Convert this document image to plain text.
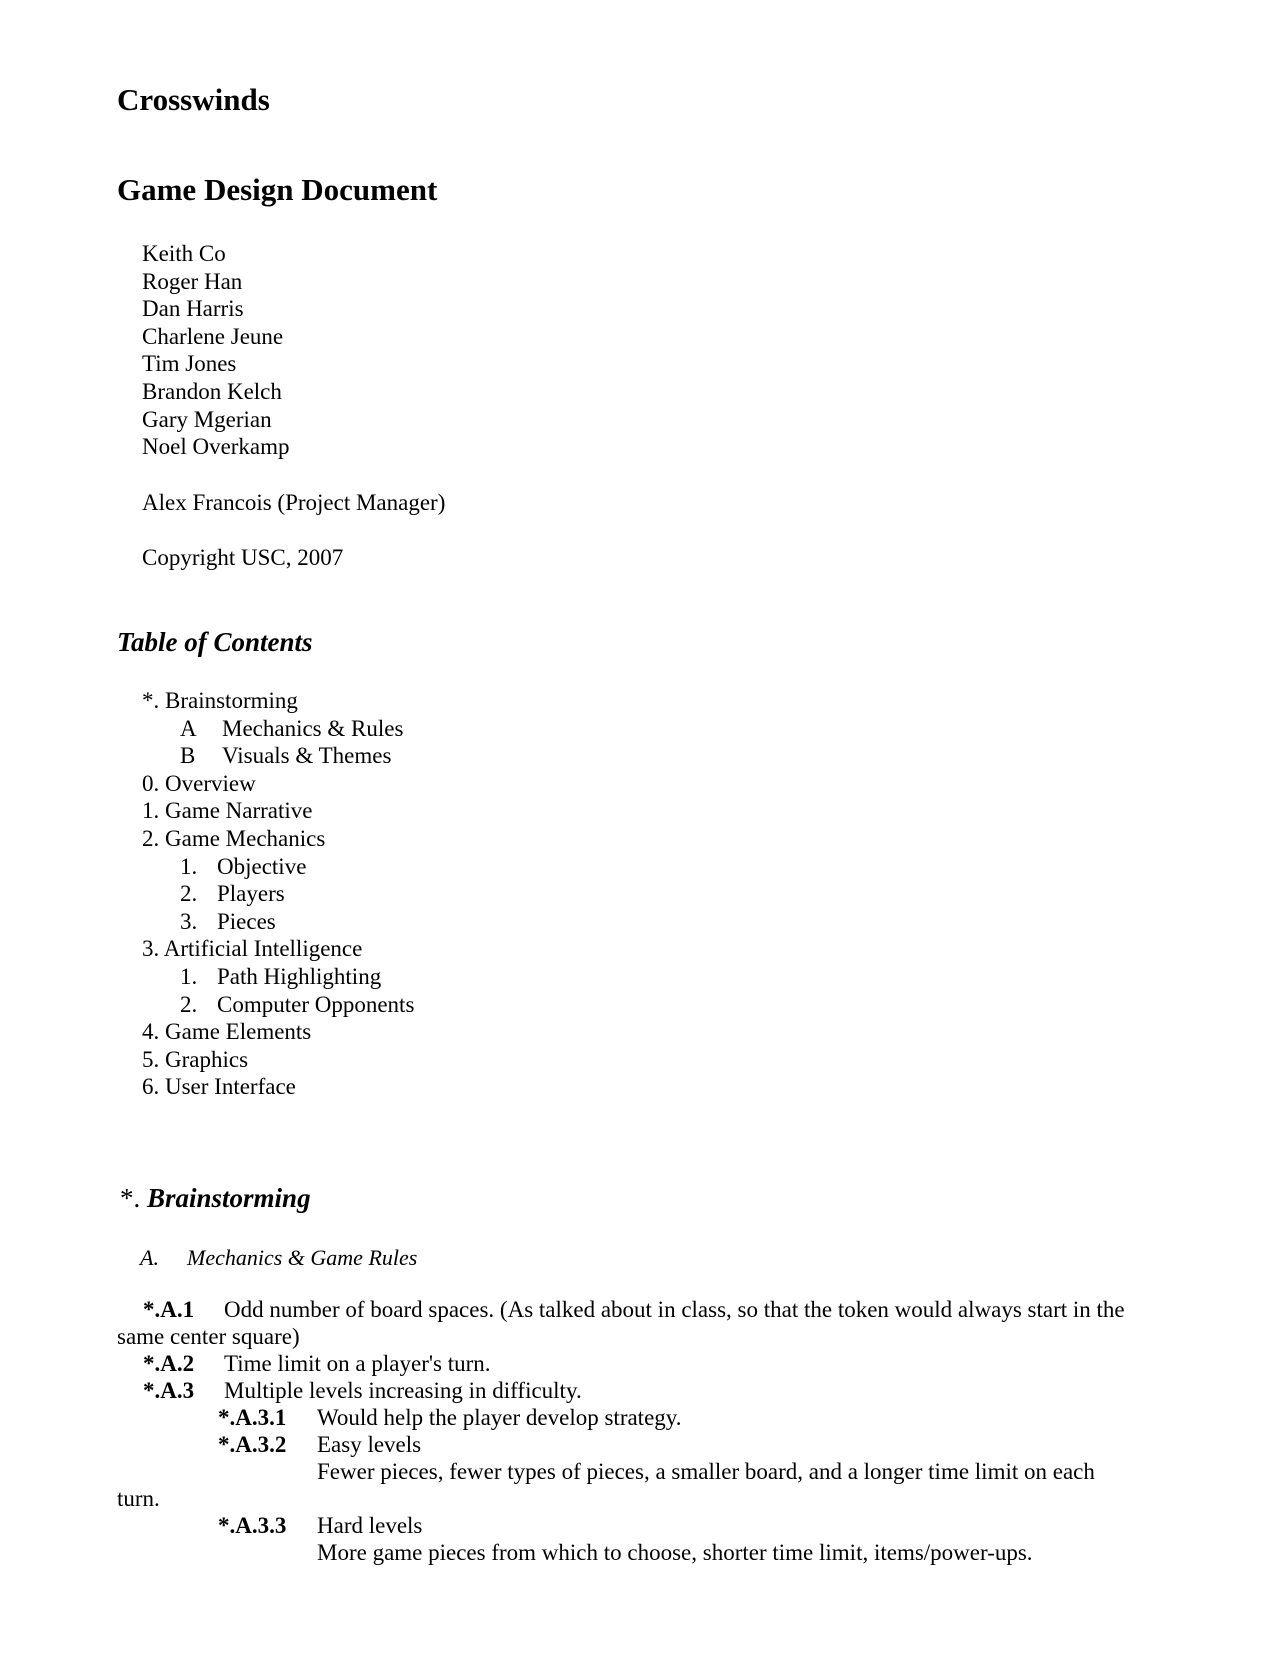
Crosswinds
Game Design Document
Keith Co
Roger Han
Dan Harris
Charlene Jeune
Tim Jones
Brandon Kelch
Gary Mgerian
Noel Overkamp
Alex Francois (Project Manager)
Copyright USC, 2007
Table of Contents
*. Brainstorming
A Mechanics & Rules
B Visuals & Themes
0. Overview
1. Game Narrative
2. Game Mechanics
1. Objective
2. Players
3. Pieces
3. Artificial Intelligence
1. Path Highlighting
2. Computer Opponents
4. Game Elements
5. Graphics
6. User Interface
*. Brainstorming
A. Mechanics & Game Rules
*.A.1 Odd number of board spaces. (As talked about in class, so that the token would always start in the
same center square)
*.A.2 Time limit on a player's turn.
*.A.3 Multiple levels increasing in difficulty.
*.A.3.1 Would help the player develop strategy.
*.A.3.2 Easy levels
Fewer pieces, fewer types of pieces, a smaller board, and a longer time limit on each
turn.
*.A.3.3 Hard levels
More game pieces from which to choose, shorter time limit, items/power-ups.
